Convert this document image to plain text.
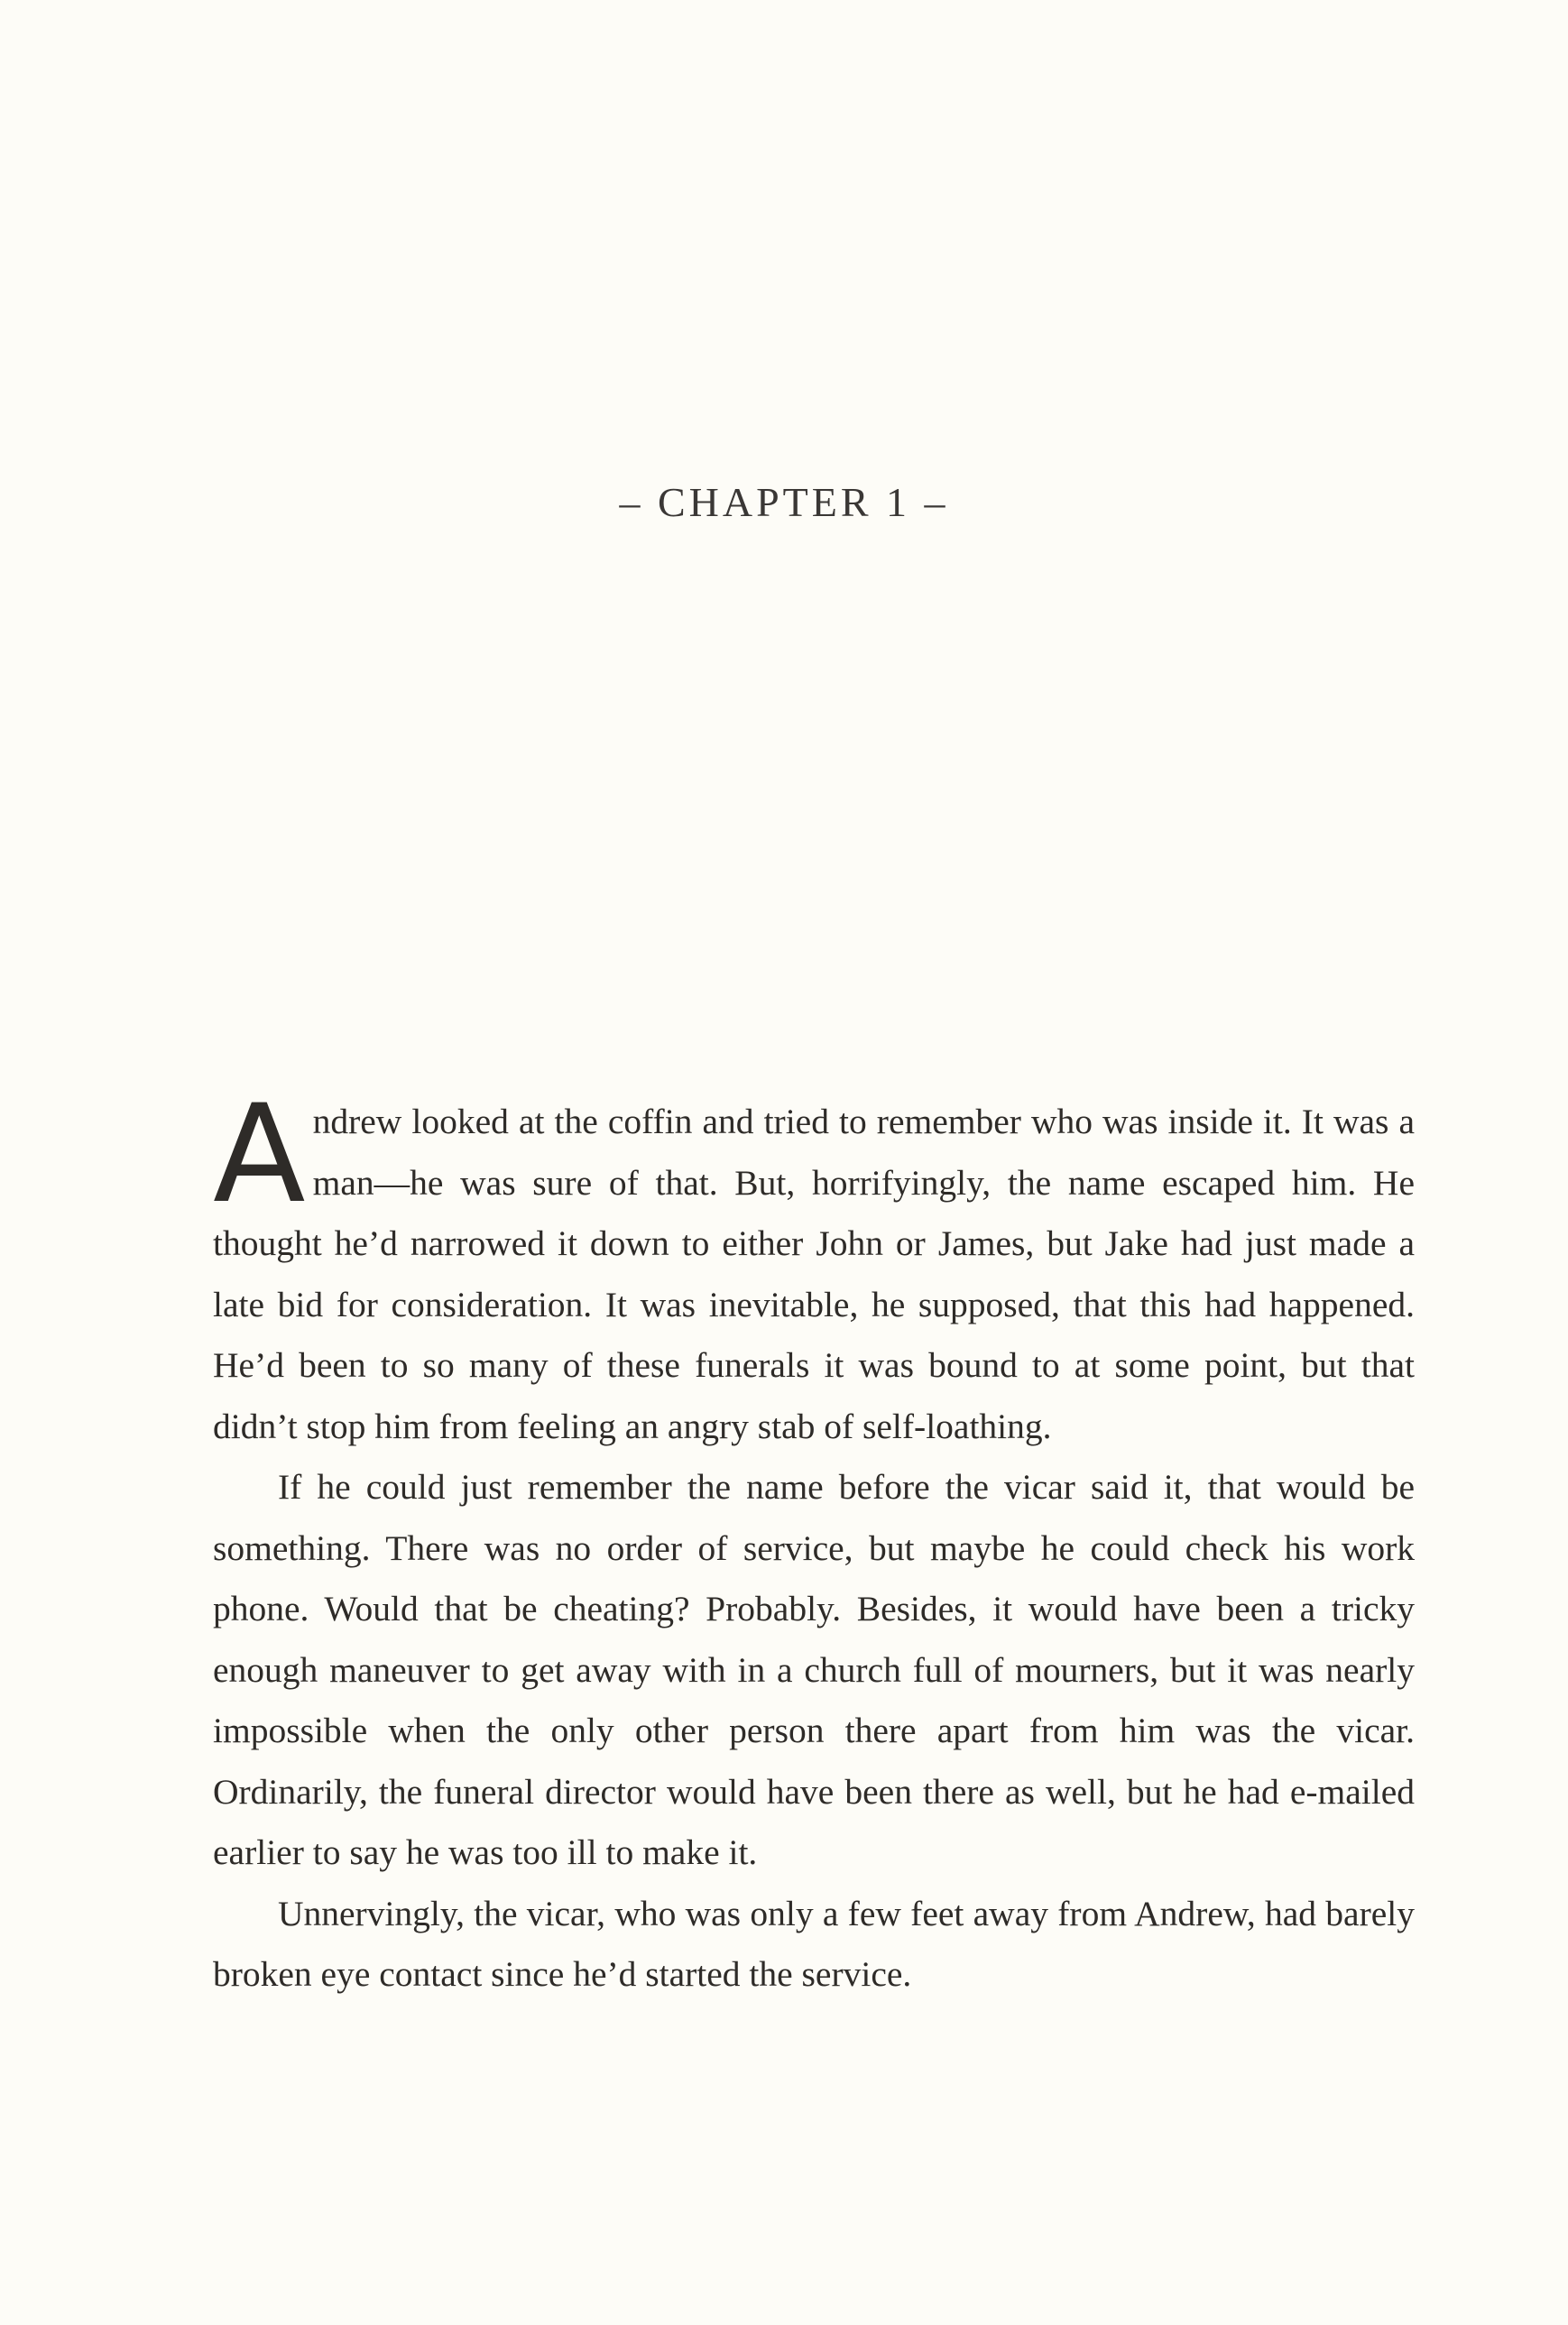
– CHAPTER 1 –

Andrew looked at the coffin and tried to remember who was inside it. It was a man—he was sure of that. But, horrifyingly, the name escaped him. He thought he’d narrowed it down to either John or James, but Jake had just made a late bid for consideration. It was inevitable, he supposed, that this had happened. He’d been to so many of these funerals it was bound to at some point, but that didn’t stop him from feeling an angry stab of self-loathing.

If he could just remember the name before the vicar said it, that would be something. There was no order of service, but maybe he could check his work phone. Would that be cheating? Probably. Besides, it would have been a tricky enough maneuver to get away with in a church full of mourners, but it was nearly impossible when the only other person there apart from him was the vicar. Ordinarily, the funeral director would have been there as well, but he had e-mailed earlier to say he was too ill to make it.

Unnervingly, the vicar, who was only a few feet away from Andrew, had barely broken eye contact since he’d started the service.
